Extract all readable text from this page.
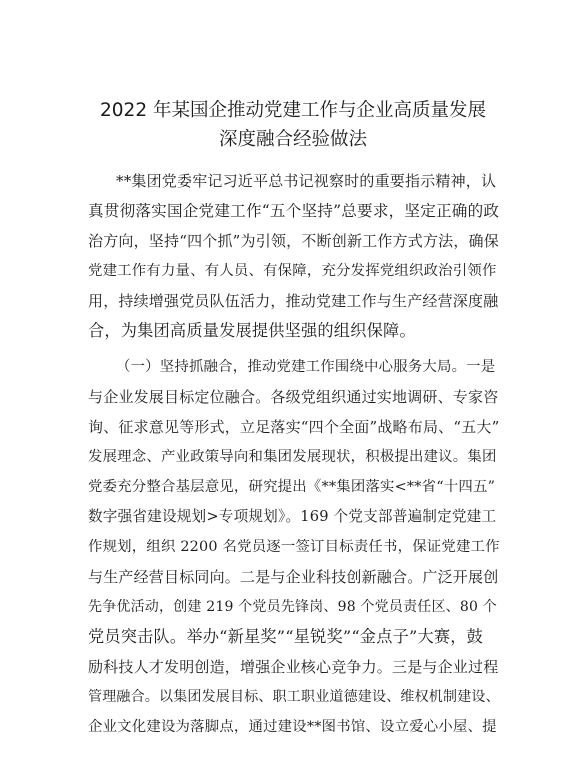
2022 年某国企推动党建工作与企业高质量发展
深度融合经验做法
**集团党委牢记习近平总书记视察时的重要指示精神，认
真贯彻落实国企党建工作“五个坚持”总要求，坚定正确的政
治方向，坚持“四个抓”为引领，不断创新工作方式方法，确保
党建工作有力量、有人员、有保障，充分发挥党组织政治引领作
用，持续增强党员队伍活力，推动党建工作与生产经营深度融
合，为集团高质量发展提供坚强的组织保障。
（一）坚持抓融合，推动党建工作围绕中心服务大局。一是
与企业发展目标定位融合。各级党组织通过实地调研、专家咨
询、征求意见等形式，立足落实“四个全面”战略布局、“五大”
发展理念、产业政策导向和集团发展现状，积极提出建议。集团
党委充分整合基层意见，研究提出《**集团落实<**省“十四五”
数字强省建设规划>专项规划》。169 个党支部普遍制定党建工
作规划，组织 2200 名党员逐一签订目标责任书，保证党建工作
与生产经营目标同向。二是与企业科技创新融合。广泛开展创
先争优活动，创建 219 个党员先锋岗、98 个党员责任区、80 个
党员突击队。举办“新星奖”“星锐奖”“金点子”大赛，鼓
励科技人才发明创造，增强企业核心竞争力。三是与企业过程
管理融合。以集团发展目标、职工职业道德建设、维权机制建设、
企业文化建设为落脚点，通过建设**图书馆、设立爱心小屋、提
